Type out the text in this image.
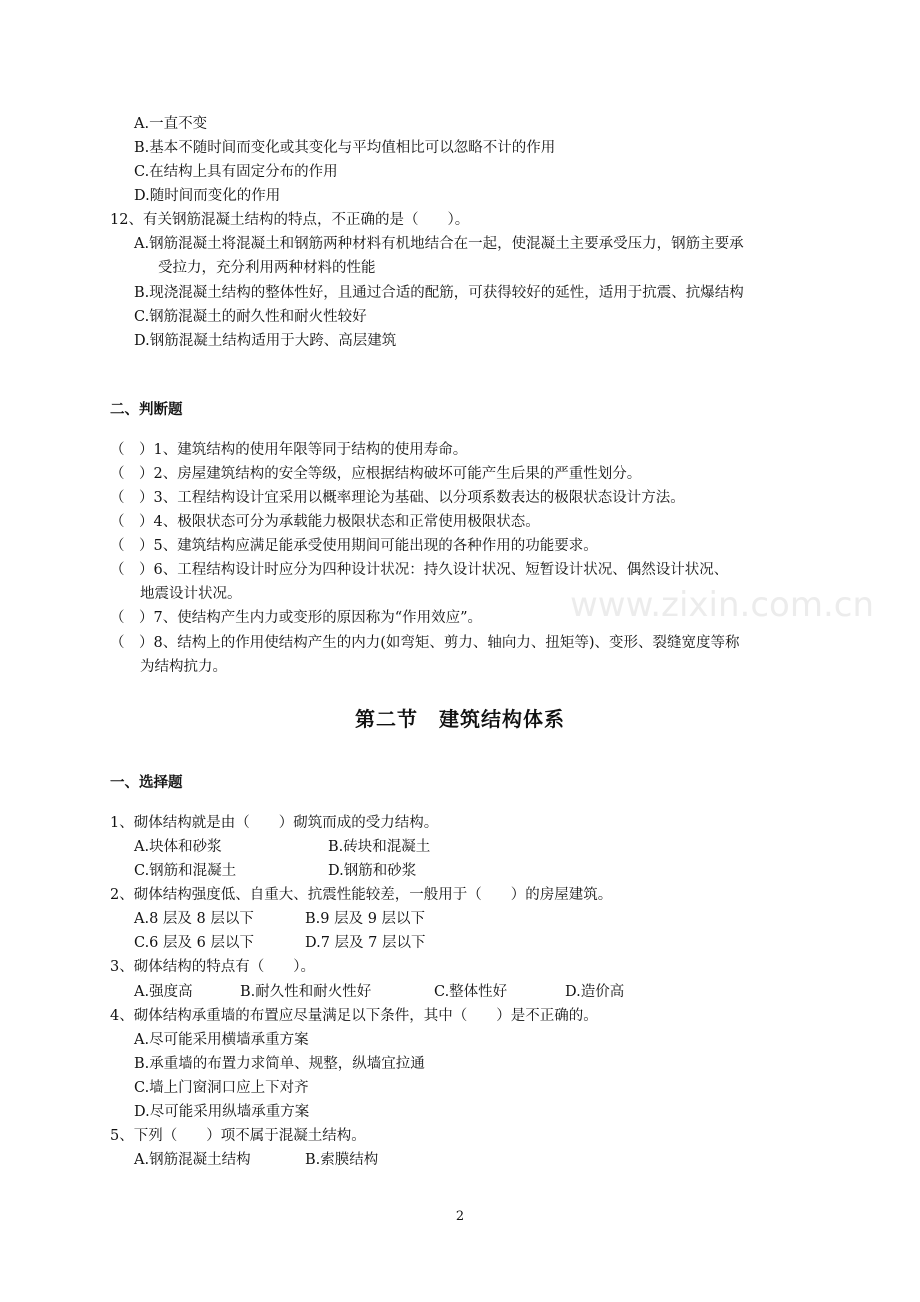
www.zixin.com.cn
A.一直不变
B.基本不随时间而变化或其变化与平均值相比可以忽略不计的作用
C.在结构上具有固定分布的作用
D.随时间而变化的作用
12、有关钢筋混凝土结构的特点，不正确的是（　　）。
A.钢筋混凝土将混凝土和钢筋两种材料有机地结合在一起，使混凝土主要承受压力，钢筋主要承
受拉力，充分利用两种材料的性能
B.现浇混凝土结构的整体性好，且通过合适的配筋，可获得较好的延性，适用于抗震、抗爆结构
C.钢筋混凝土的耐久性和耐火性较好
D.钢筋混凝土结构适用于大跨、高层建筑
二、判断题
（　）1、建筑结构的使用年限等同于结构的使用寿命。
（　）2、房屋建筑结构的安全等级，应根据结构破坏可能产生后果的严重性划分。
（　）3、工程结构设计宜采用以概率理论为基础、以分项系数表达的极限状态设计方法。
（　）4、极限状态可分为承载能力极限状态和正常使用极限状态。
（　）5、建筑结构应满足能承受使用期间可能出现的各种作用的功能要求。
（　）6、工程结构设计时应分为四种设计状况：持久设计状况、短暂设计状况、偶然设计状况、
地震设计状况。
（　）7、使结构产生内力或变形的原因称为“作用效应”。
（　）8、结构上的作用使结构产生的内力(如弯矩、剪力、轴向力、扭矩等)、变形、裂缝宽度等称
为结构抗力。
第二节　建筑结构体系
一、选择题
1、砌体结构就是由（　　）砌筑而成的受力结构。
A.块体和砂浆	B.砖块和混凝土
C.钢筋和混凝土	D.钢筋和砂浆
2、砌体结构强度低、自重大、抗震性能较差，一般用于（　　）的房屋建筑。
A.8 层及 8 层以下	B.9 层及 9 层以下
C.6 层及 6 层以下	D.7 层及 7 层以下
3、砌体结构的特点有（　　）。
A.强度高	B.耐久性和耐火性好	C.整体性好	D.造价高
4、砌体结构承重墙的布置应尽量满足以下条件，其中（　　）是不正确的。
A.尽可能采用横墙承重方案
B.承重墙的布置力求简单、规整，纵墙宜拉通
C.墙上门窗洞口应上下对齐
D.尽可能采用纵墙承重方案
5、下列（　　）项不属于混凝土结构。
A.钢筋混凝土结构	B.索膜结构
2
